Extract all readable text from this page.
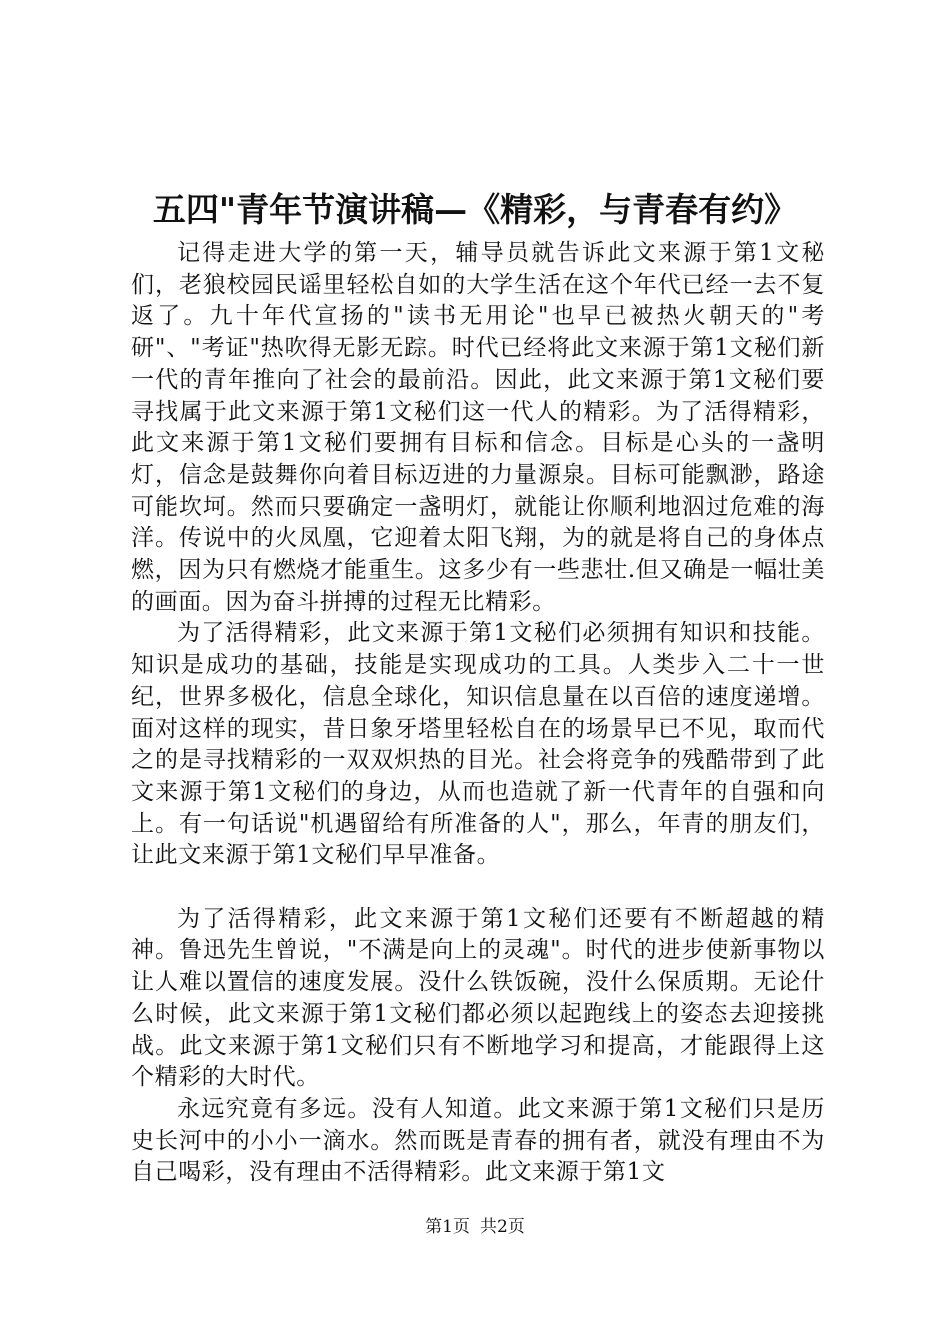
五四"青年节演讲稿—《精彩，与青春有约》

记得走进大学的第一天，辅导员就告诉此文来源于第1文秘们，老狼校园民谣里轻松自如的大学生活在这个年代已经一去不复返了。九十年代宣扬的"读书无用论"也早已被热火朝天的"考研"、"考证"热吹得无影无踪。时代已经将此文来源于第1文秘们新一代的青年推向了社会的最前沿。因此，此文来源于第1文秘们要寻找属于此文来源于第1文秘们这一代人的精彩。为了活得精彩，此文来源于第1文秘们要拥有目标和信念。目标是心头的一盏明灯，信念是鼓舞你向着目标迈进的力量源泉。目标可能飘渺，路途可能坎坷。然而只要确定一盏明灯，就能让你顺利地泅过危难的海洋。传说中的火凤凰，它迎着太阳飞翔，为的就是将自己的身体点燃，因为只有燃烧才能重生。这多少有一些悲壮.但又确是一幅壮美的画面。因为奋斗拼搏的过程无比精彩。

为了活得精彩，此文来源于第1文秘们必须拥有知识和技能。知识是成功的基础，技能是实现成功的工具。人类步入二十一世纪，世界多极化，信息全球化，知识信息量在以百倍的速度递增。面对这样的现实，昔日象牙塔里轻松自在的场景早已不见，取而代之的是寻找精彩的一双双炽热的目光。社会将竞争的残酷带到了此文来源于第1文秘们的身边，从而也造就了新一代青年的自强和向上。有一句话说"机遇留给有所准备的人"，那么，年青的朋友们，让此文来源于第1文秘们早早准备。

为了活得精彩，此文来源于第1文秘们还要有不断超越的精神。鲁迅先生曾说，"不满是向上的灵魂"。时代的进步使新事物以让人难以置信的速度发展。没什么铁饭碗，没什么保质期。无论什么时候，此文来源于第1文秘们都必须以起跑线上的姿态去迎接挑战。此文来源于第1文秘们只有不断地学习和提高，才能跟得上这个精彩的大时代。

永远究竟有多远。没有人知道。此文来源于第1文秘们只是历史长河中的小小一滴水。然而既是青春的拥有者，就没有理由不为自己喝彩，没有理由不活得精彩。此文来源于第1文

第1页 共2页
